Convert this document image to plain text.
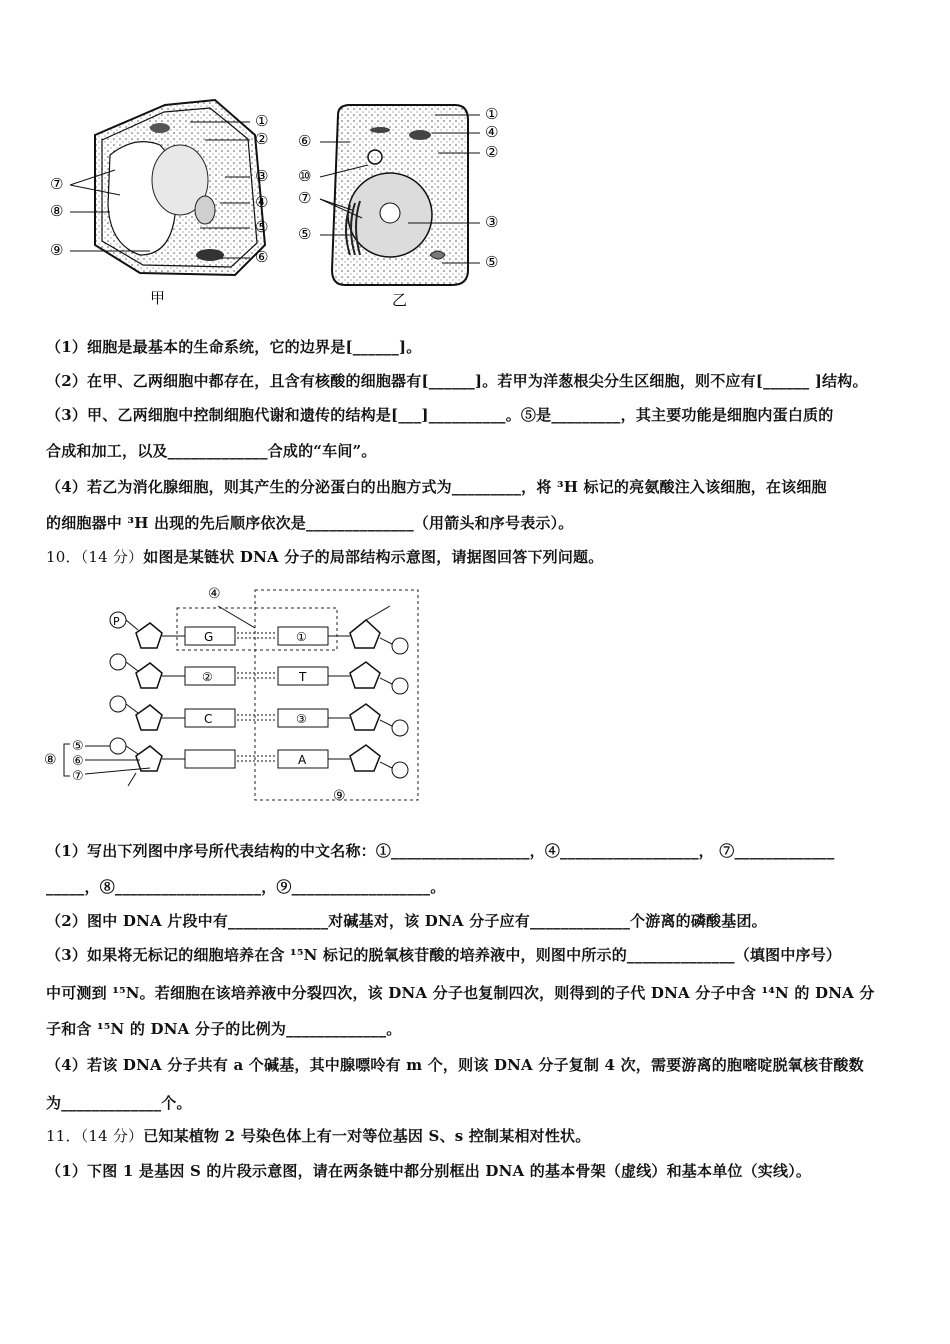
①
②
③
④
⑤
⑥
⑦
⑧
⑨
甲
①
④
②
⑥
⑩
⑦
⑤
③
⑤
乙
（1）细胞是最基本的生命系统，它的边界是[______]。
（2）在甲、乙两细胞中都存在，且含有核酸的细胞器有[______]。若甲为洋葱根尖分生区细胞，则不应有[______ ]结构。
（3）甲、乙两细胞中控制细胞代谢和遗传的结构是[___]__________。⑤是_________，其主要功能是细胞内蛋白质的
合成和加工，以及_____________合成的“车间”。
（4）若乙为消化腺细胞，则其产生的分泌蛋白的出胞方式为_________，将 ³H 标记的亮氨酸注入该细胞，在该细胞
的细胞器中 ³H 出现的先后顺序依次是______________（用箭头和序号表示）。
10．（14 分）如图是某链状 DNA 分子的局部结构示意图，请据图回答下列问题。
④
⑨
P
G	①
②	T
C	③
A
⑧
⑤
⑥
⑦
（1）写出下列图中序号所代表结构的中文名称：①__________________，④__________________， ⑦_____________
_____，⑧___________________，⑨__________________。
（2）图中 DNA 片段中有_____________对碱基对，该 DNA 分子应有_____________个游离的磷酸基团。
（3）如果将无标记的细胞培养在含 ¹⁵N 标记的脱氧核苷酸的培养液中，则图中所示的______________（填图中序号）
中可测到 ¹⁵N。若细胞在该培养液中分裂四次，该 DNA 分子也复制四次，则得到的子代 DNA 分子中含 ¹⁴N 的 DNA 分
子和含 ¹⁵N 的 DNA 分子的比例为_____________。
（4）若该 DNA 分子共有 a 个碱基，其中腺嘌呤有 m 个，则该 DNA 分子复制 4 次，需要游离的胞嘧啶脱氧核苷酸数
为_____________个。
11．（14 分）已知某植物 2 号染色体上有一对等位基因 S、s 控制某相对性状。
（1）下图 1 是基因 S 的片段示意图，请在两条链中都分别框出 DNA 的基本骨架（虚线）和基本单位（实线）。
